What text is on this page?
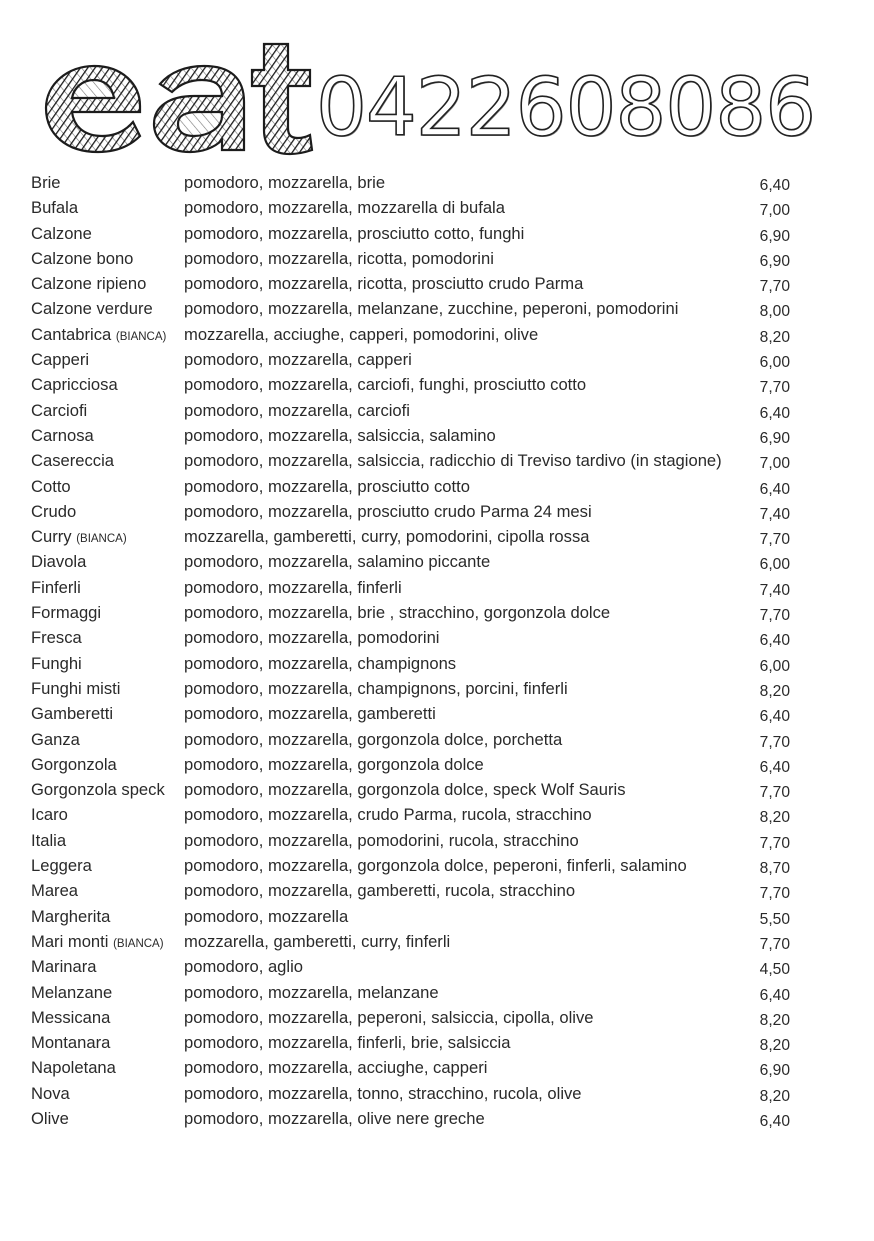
0422608086
Brie	pomodoro, mozzarella, brie	6,40
Bufala	pomodoro, mozzarella, mozzarella di bufala	7,00
Calzone	pomodoro, mozzarella, prosciutto cotto, funghi	6,90
Calzone bono	pomodoro, mozzarella, ricotta, pomodorini	6,90
Calzone ripieno pomodoro, mozzarella, ricotta, prosciutto crudo Parma	7,70
Calzone verdure pomodoro, mozzarella, melanzane, zucchine, peperoni, pomodorini	8,00
Cantabrica (BIANCA) mozzarella, acciughe, capperi, pomodorini, olive	8,20
Capperi	pomodoro, mozzarella, capperi	6,00
Capricciosa	pomodoro, mozzarella, carciofi, funghi, prosciutto cotto	7,70
Carciofi	pomodoro, mozzarella, carciofi	6,40
Carnosa	pomodoro, mozzarella, salsiccia, salamino	6,90
Casereccia	pomodoro, mozzarella, salsiccia, radicchio di Treviso tardivo (in stagione) 7,00
Cotto	pomodoro, mozzarella, prosciutto cotto	6,40
Crudo	pomodoro, mozzarella, prosciutto crudo Parma 24 mesi	7,40
Curry (BIANCA)	mozzarella, gamberetti, curry, pomodorini, cipolla rossa	7,70
Diavola	pomodoro, mozzarella, salamino piccante	6,00
Finferli	pomodoro, mozzarella, finferli	7,40
Formaggi	pomodoro, mozzarella, brie , stracchino, gorgonzola dolce	7,70
Fresca	pomodoro, mozzarella, pomodorini	6,40
Funghi	pomodoro, mozzarella, champignons	6,00
Funghi misti	pomodoro, mozzarella, champignons, porcini, finferli	8,20
Gamberetti	pomodoro, mozzarella, gamberetti	6,40
Ganza	pomodoro, mozzarella, gorgonzola dolce, porchetta	7,70
Gorgonzola	pomodoro, mozzarella, gorgonzola dolce	6,40
Gorgonzola speck pomodoro, mozzarella, gorgonzola dolce, speck Wolf Sauris	7,70
Icaro	pomodoro, mozzarella, crudo Parma, rucola, stracchino	8,20
Italia	pomodoro, mozzarella, pomodorini, rucola, stracchino	7,70
Leggera	pomodoro, mozzarella, gorgonzola dolce, peperoni, finferli, salamino	8,70
Marea	pomodoro, mozzarella, gamberetti, rucola, stracchino	7,70
Margherita	pomodoro, mozzarella	5,50
Mari monti (BIANCA) mozzarella, gamberetti, curry, finferli	7,70
Marinara	pomodoro, aglio	4,50
Melanzane	pomodoro, mozzarella, melanzane	6,40
Messicana	pomodoro, mozzarella, peperoni, salsiccia, cipolla, olive	8,20
Montanara	pomodoro, mozzarella, finferli, brie, salsiccia	8,20
Napoletana	pomodoro, mozzarella, acciughe, capperi	6,90
Nova	pomodoro, mozzarella, tonno, stracchino, rucola, olive	8,20
Olive	pomodoro, mozzarella, olive nere greche	6,40
